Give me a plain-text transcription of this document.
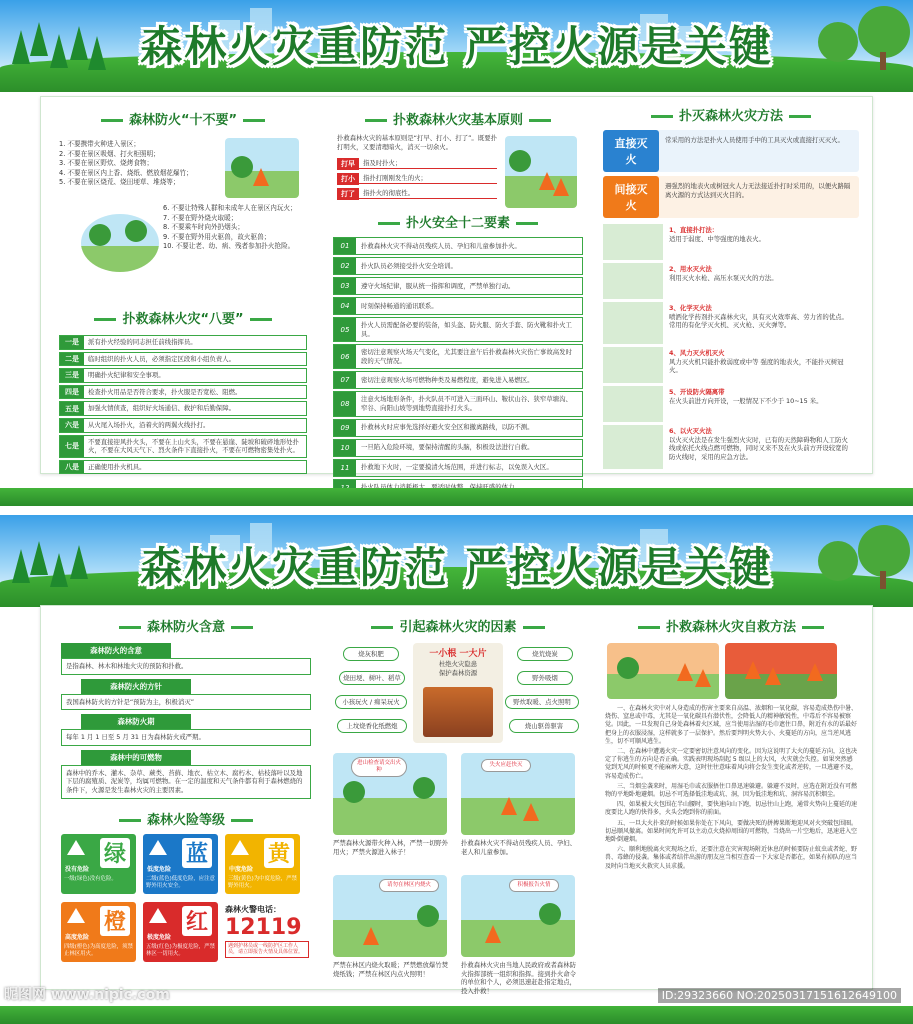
森林火灾重防范 严控火源是关键
森林防火“十不要”
1. 不要携带火种进入景区；
2. 不要在景区吸烟、打火柜照明；
3. 不要在景区野炊、烧烤食物；
4. 不要在景区内上香、烧纸、燃放烟花爆竹；
5. 不要在景区烧荒、烧田埂草、堆烧等；
6. 不要让特殊人群和未成年人在景区内玩火；
7. 不要在野外烧火取暖；
8. 不要乘车时向外扔烟头；
9. 不要在野外用火驱兽，故火驱兽；
10. 不要让老、幼、病、残者参加扑火抢险。
扑救森林火灾“八要”
一是	派有扑火经验的同志担任前线指挥员。
二是	临时组织的扑火人员，必须指定区段和小组负责人。
三是	明确扑火纪律和安全事项。
四是	检查扑火用品是否符合要求，扑火服是否宽松、阻燃。
五是	加强火情侦查，组织好火场通信、救护和后勤保障。
六是	从火尾入场扑火，沿着火的两翼火线扑打。
七是
不要直接迎风扑火头，不要在上山火头，不要在悬崖、陡坡和破碎地形处扑火，不要在大风天气下、烈火条件下直接扑火，不要在可燃物密集处扑火。
八是	正确使用扑火机具。
扑救森林火灾基本原则
扑救森林火灾的基本原则是“打早、打小、打了”。既要扑打明火，又要清理暗火，消灭一切余火。
打早	指及时扑火；
打小	指扑打刚刚发生的火；
打了	指扑火的彻底性。
扑火安全十二要素
01	扑救森林火灾不得动员残疾人员、孕妇和儿童参加扑火。
02	扑火队员必须接受扑火安全培训。
03	遵守火场纪律，服从统一指挥和调度，严禁单独行动。
04	时刻保持畅通的通讯联系。
05
扑火人员需配备必要的装备，如头盔、防火服、防火手套、防火靴和扑火工具。
06
密切注意观察火场天气变化，尤其要注意午后扑救森林火灾伤亡事故高发时段的天气情况。
07	密切注意观察火场可燃物种类及易燃程度，避免进入易燃区。
08
注意火场地形条件，扑火队员不可进入三面环山、鞍状山谷、狭窄草塘沟、窄谷、向阳山坡等到地势直接扑打火头。
09	扑救林火时应事先选择好避火安全区和撤离路线，以防不测。
10	一旦陷入危险环境，要保持清醒的头脑，积极设法进行自救。
11	扑救地下火时，一定要摸清火场范围，并进行标志，以免误入火区。
扑灭森林火灾方法
直接灭火
常采用的方法是扑火人员使用手中的工具灭火或直接打灭灭火。
间接灭火
遇强烈的地表火或树冠火人力无法接近扑打时采用的，以便火路隔离火源的方式达到灭火目的。
1、直接扑打法：
适用于弱度、中等强度的地表火。
2、用水灭火法
利用灭火水枪、高压水泵灭火的方法。
3、化学灭火法
喷洒化学药剂扑灭森林火灾，具有灭火效率高、劳力省的优点。常用的有化学灭火机、灭火枪、灭火弹等。
4、风力灭火机灭火
风力灭火机只能扑救弱度或中等 强度的地表火，不能扑灭树冠火。
5、开设防火隔离带
在火头前进方向开设，一般情况下不少于 10~15 米。
6、以火灭火法
以火灭火法是在发生强烈火灾时，已有的天然障碍物和人工防火线或依托火线点燃可燃物，同时又来不及在火头前方开设较宽的防火线时，采用的应急方法。
森林火灾重防范 严控火源是关键
森林防火含意
森林防火的含意
是指森林、林木和林地火灾的预防和扑救。
森林防火的方针
我国森林防火的方针是“预防为主，积极消灭”
森林防火期
每年 1 月 1 日至 5 月 31 日为森林防火戒严期。
森林中的可燃物
森林中的乔木、灌木、杂草、蕨类、苔藓、地衣、枯立木、腐朽木、枯枝落叶以及地下层的腐殖质、泥炭等，均属可燃物。在一定的温度和天气条件都有利于森林燃烧的条件下，火源是发生森林火灾的主要因素。
森林火险等级
绿
没有危险
一级(绿色)没有危险。
蓝
低度危险
二级(蓝色)低度危险，应注意野外用火安全。
黄
中度危险
三级(黄色)为中度危险，严禁野外用火。
橙
高度危险
四级(橙色)为高度危险，须禁止林区用火。
红
极度危险
五级(红色)为极度危险，严禁林区一切用火。
森林火警电话：
12119
遇到护林员或一线防护区工作人员，请立即报告火情及具体位置。
引起森林火灾的因素
烧灰积肥
烧田埂、树叶、稻草
小孩玩火 / 痴呆玩火
上坟烧香化纸燃炮
烧荒烧炭
野外吸烟
野炊取暖、点火照明
烧山驱兽驱害
一小根 一大片
杜绝火灾隐患
保护森林资源
进山检查请交出火种
严禁森林火源带火种入林，严禁一切野外用火；严禁火源进入林子！
失火应赶快灭
扑救森林火灾不得动员残疾人员、孕妇、老人和儿童参加。
请勿在林区内烧火
严禁在林区内烧火取暖；严禁燃放爆竹焚烧纸钱；严禁在林区内点火照明！
积极报告火情
扑救森林火灾由当地人民政府或者森林防火指挥部统一组织和指挥。接到扑火命令的单位和个人，必须迅速赶赴指定地点，投入扑救！
扑救森林火灾自救方法

一、在森林火灾中对人身造成的伤害主要来自高温、浓烟和一氧化碳，容易造成热伤中暑、烧伤、窒息或中毒，尤其是一氧化碳具有潜伏性，会降低人的精神敏锐性，中毒后不容易被察觉。因此，一旦发现自己身处森林着火区域，应当使用沾湿的毛巾遮住口鼻，附近有水的话最好把身上的衣服浸湿，这样就多了一层保护。然后要判明火势大小、火蔓延的方向，应当逆风逃生，切不可顺风逃生。

二、在森林中遭遇火灾一定要密切注意风向的变化。因为这说明了大火的蔓延方向，这也决定了你逃生的方向是否正确。实践表明现场刮起 5 级以上的大风，火灾就会失控。如果突然感觉到无风的时候更不能麻痹大意，这时往往意味着风向将会发生变化或者逆转，一旦逃避不及，容易造成伤亡。

三、当烟尘袭来时，用湿毛巾或衣服捂住口鼻迅速躲避。躲避不及时，应选在附近没有可燃物的平地卧地避烟。切忌不可选择低洼地或坑、洞，因为低洼地和坑、洞容易沉积烟尘。

四、如果被大火包围在半山腰时，要快速向山下跑，切忌往山上跑，通常火势向上蔓延的速度要比人跑的快得多，火头会跑到你的前面。

五、一旦大火扑来的时候如果你处在下风向，要做决死的拼搏果断地迎风对火突破包围圈。切忌顺风撤离。如果时间允许可以主动点火烧掉周围的可燃物，当烧出一片空地后，迅速进入空地卧倒避烟。

六、顺利地脱离火灾现场之后，还要注意在灾害现场附近休息的时候要防止蚊虫或者蛇、野兽、毒蜂的侵袭。集体或者结伴出游的朋友应当相互查看一下大家是否都在，如果有掉队的应当及时向当地灭火救灾人员求援。

昵图网 www.nipic.com	ID:29323660 NO:20250317151612649100
